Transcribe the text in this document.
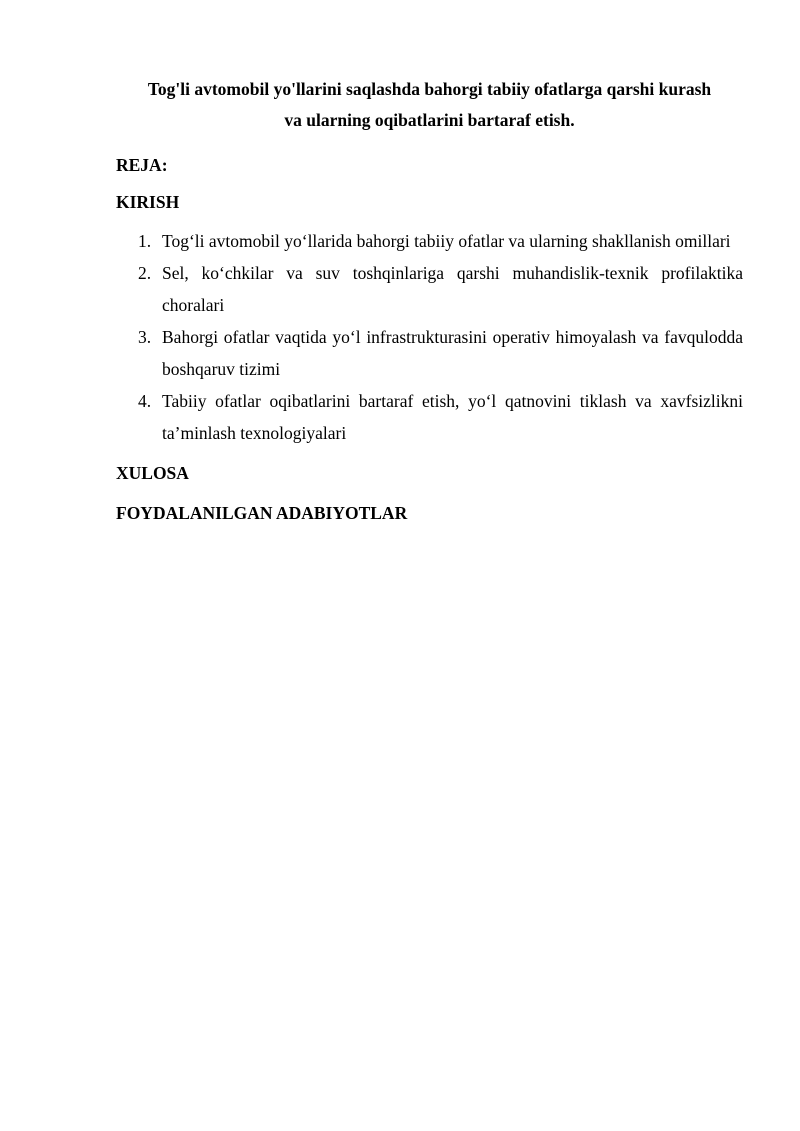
Tog'li avtomobil yo'llarini saqlashda bahorgi tabiiy ofatlarga qarshi kurash
va ularning oqibatlarini bartaraf etish.

REJA:

KIRISH

1. Tog‘li avtomobil yo‘llarida bahorgi tabiiy ofatlar va ularning shakllanish omillari
2. Sel, ko‘chkilar va suv toshqinlariga qarshi muhandislik-texnik profilaktika choralari
3. Bahorgi ofatlar vaqtida yo‘l infrastrukturasini operativ himoyalash va favqulodda boshqaruv tizimi
4. Tabiiy ofatlar oqibatlarini bartaraf etish, yo‘l qatnovini tiklash va xavfsizlikni ta’minlash texnologiyalari

XULOSA

FOYDALANILGAN ADABIYOTLAR
